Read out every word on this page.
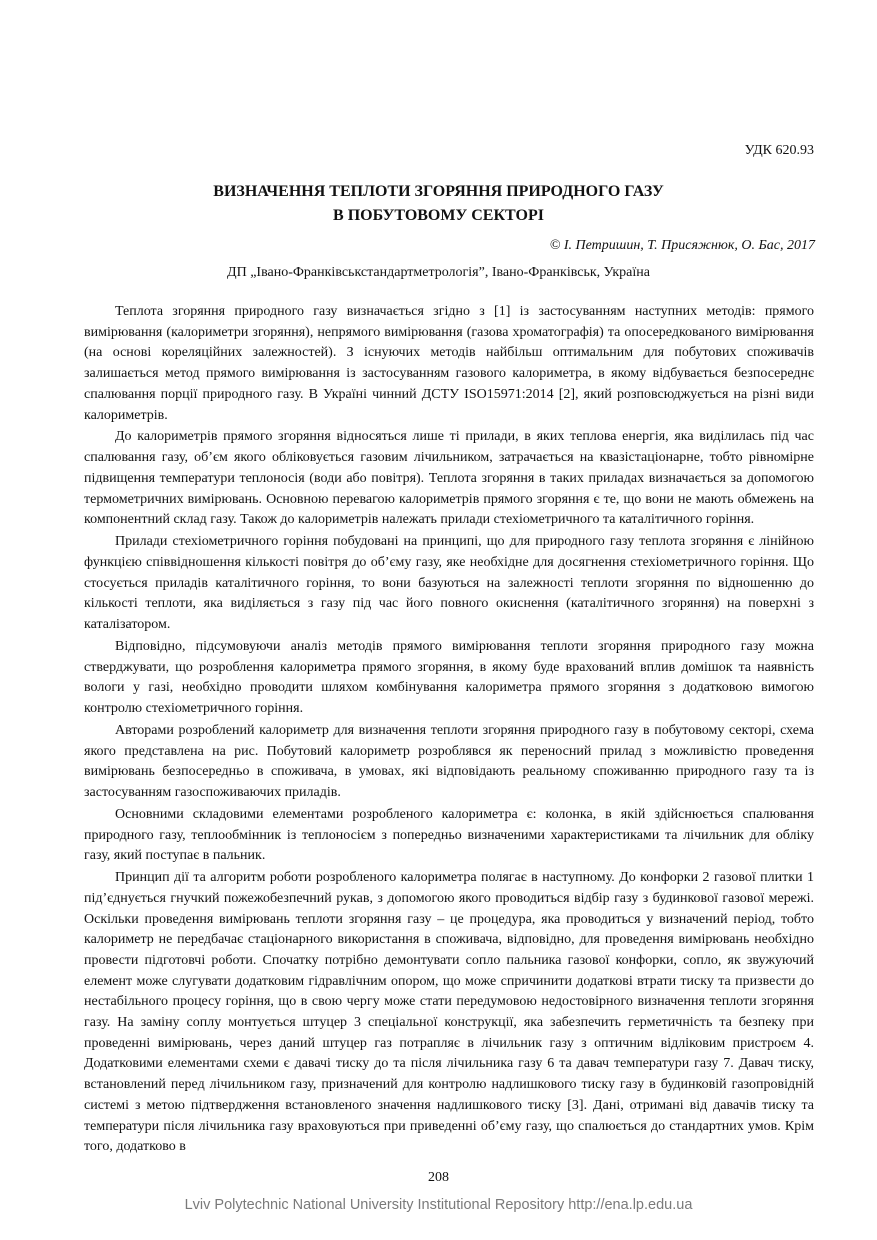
УДК 620.93
ВИЗНАЧЕННЯ ТЕПЛОТИ ЗГОРЯННЯ ПРИРОДНОГО ГАЗУ
В ПОБУТОВОМУ СЕКТОРІ
© І. Петришин, Т. Присяжнюк, О. Бас, 2017
ДП „Івано-Франківськстандартметрологія”, Івано-Франківськ, Україна

Теплота згоряння природного газу визначається згідно з [1] із застосуванням наступних методів: прямого вимірювання (калориметри згоряння), непрямого вимірювання (газова хроматографія) та опосередкованого вимірювання (на основі кореляційних залежностей). З існуючих методів найбільш оптимальним для побутових споживачів залишається метод прямого вимірювання із застосуванням газового калориметра, в якому відбувається безпосереднє спалювання порції природного газу. В Україні чинний ДСТУ ISO15971:2014 [2], який розповсюджується на різні види калориметрів.

До калориметрів прямого згоряння відносяться лише ті прилади, в яких теплова енергія, яка виділилась під час спалювання газу, об’єм якого обліковується газовим лічильником, затрачається на квазістаціонарне, тобто рівномірне підвищення температури теплоносія (води або повітря). Теплота згоряння в таких приладах визначається за допомогою термометричних вимірювань. Основною перевагою калориметрів прямого згоряння є те, що вони не мають обмежень на компонентний склад газу. Також до калориметрів належать прилади стехіометричного та каталітичного горіння.

Прилади стехіометричного горіння побудовані на принципі, що для природного газу теплота згоряння є лінійною функцією співвідношення кількості повітря до об’єму газу, яке необхідне для досягнення стехіометричного горіння. Що стосується приладів каталітичного горіння, то вони базуються на залежності теплоти згоряння по відношенню до кількості теплоти, яка виділяється з газу під час його повного окиснення (каталітичного згоряння) на поверхні з каталізатором.

Відповідно, підсумовуючи аналіз методів прямого вимірювання теплоти згоряння природного газу можна стверджувати, що розроблення калориметра прямого згоряння, в якому буде врахований вплив домішок та наявність вологи у газі, необхідно проводити шляхом комбінування калориметра прямого згоряння з додатковою вимогою контролю стехіометричного горіння.

Авторами розроблений калориметр для визначення теплоти згоряння природного газу в побутовому секторі, схема якого представлена на рис. Побутовий калориметр розроблявся як переносний прилад з можливістю проведення вимірювань безпосередньо в споживача, в умовах, які відповідають реальному споживанню природного газу та із застосуванням газоспоживаючих приладів.

Основними складовими елементами розробленого калориметра є: колонка, в якій здійснюється спалювання природного газу, теплообмінник із теплоносієм з попередньо визначеними характеристиками та лічильник для обліку газу, який поступає в пальник.

Принцип дії та алгоритм роботи розробленого калориметра полягає в наступному. До конфорки 2 газової плитки 1 під’єднується гнучкий пожежобезпечний рукав, з допомогою якого проводиться відбір газу з будинкової газової мережі. Оскільки проведення вимірювань теплоти згоряння газу – це процедура, яка проводиться у визначений період, тобто калориметр не передбачає стаціонарного використання в споживача, відповідно, для проведення вимірювань необхідно провести підготовчі роботи. Спочатку потрібно демонтувати сопло пальника газової конфорки, сопло, як звужуючий елемент може слугувати додатковим гідравлічним опором, що може спричинити додаткові втрати тиску та призвести до нестабільного процесу горіння, що в свою чергу може стати передумовою недостовірного визначення теплоти згоряння газу. На заміну соплу монтується штуцер 3 спеціальної конструкції, яка забезпечить герметичність та безпеку при проведенні вимірювань, через даний штуцер газ потрапляє в лічильник газу з оптичним відліковим пристроєм 4. Додатковими елементами схеми є давачі тиску до та після лічильника газу 6 та давач температури газу 7. Давач тиску, встановлений перед лічильником газу, призначений для контролю надлишкового тиску газу в будинковій газопровідній системі з метою підтвердження встановленого значення надлишкового тиску [3]. Дані, отримані від давачів тиску та температури після лічильника газу враховуються при приведенні об’єму газу, що спалюється до стандартних умов. Крім того, додатково в

208
Lviv Polytechnic National University Institutional Repository http://ena.lp.edu.ua
